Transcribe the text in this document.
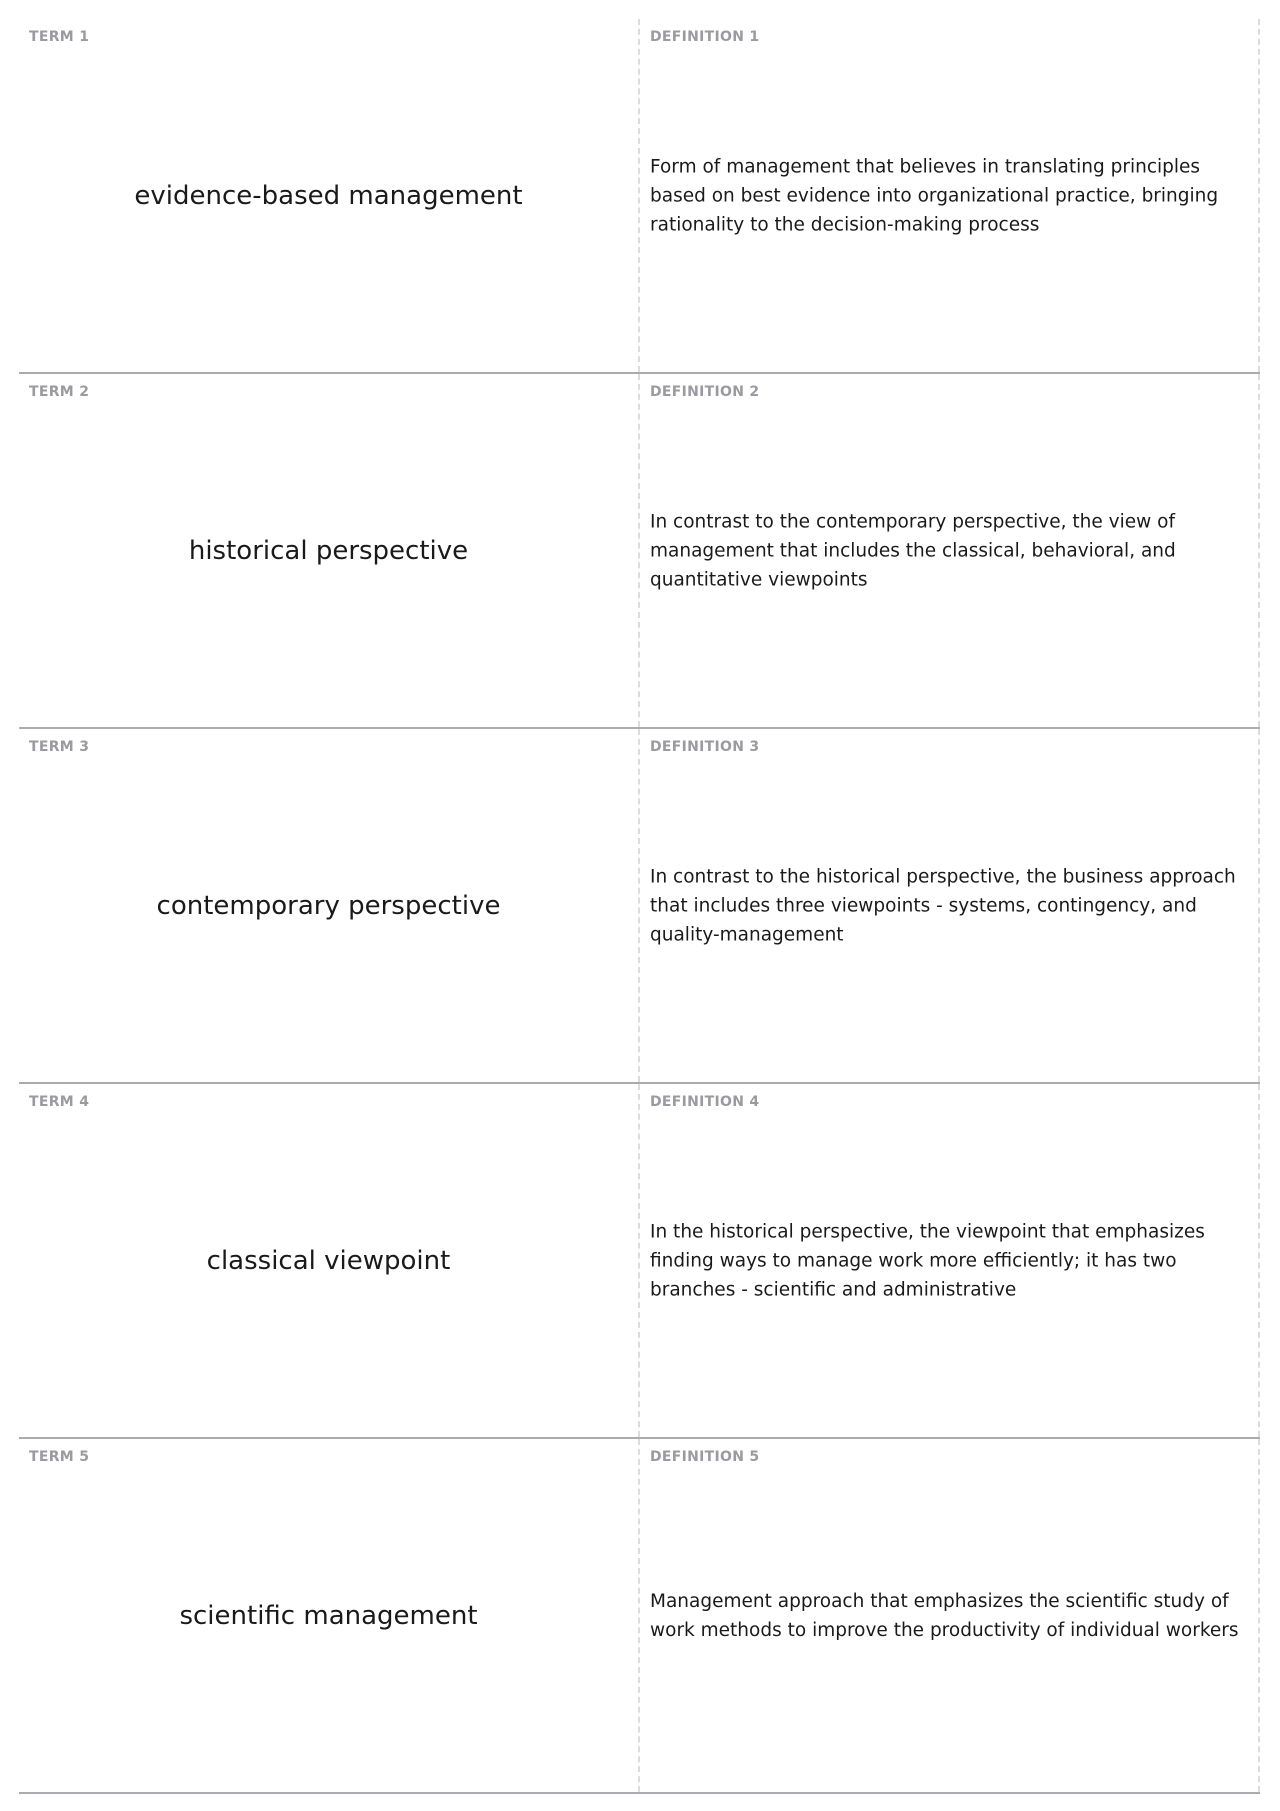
TERM 1
evidence-based management
DEFINITION 1
Form of management that believes in translating principles based on best evidence into organizational practice, bringing rationality to the decision-making process
TERM 2
historical perspective
DEFINITION 2
In contrast to the contemporary perspective, the view of management that includes the classical, behavioral, and quantitative viewpoints
TERM 3
contemporary perspective
DEFINITION 3
In contrast to the historical perspective, the business approach that includes three viewpoints - systems, contingency, and quality-management
TERM 4
classical viewpoint
DEFINITION 4
In the historical perspective, the viewpoint that emphasizes finding ways to manage work more efficiently; it has two branches - scientific and administrative
TERM 5
scientific management
DEFINITION 5
Management approach that emphasizes the scientific study of work methods to improve the productivity of individual workers
